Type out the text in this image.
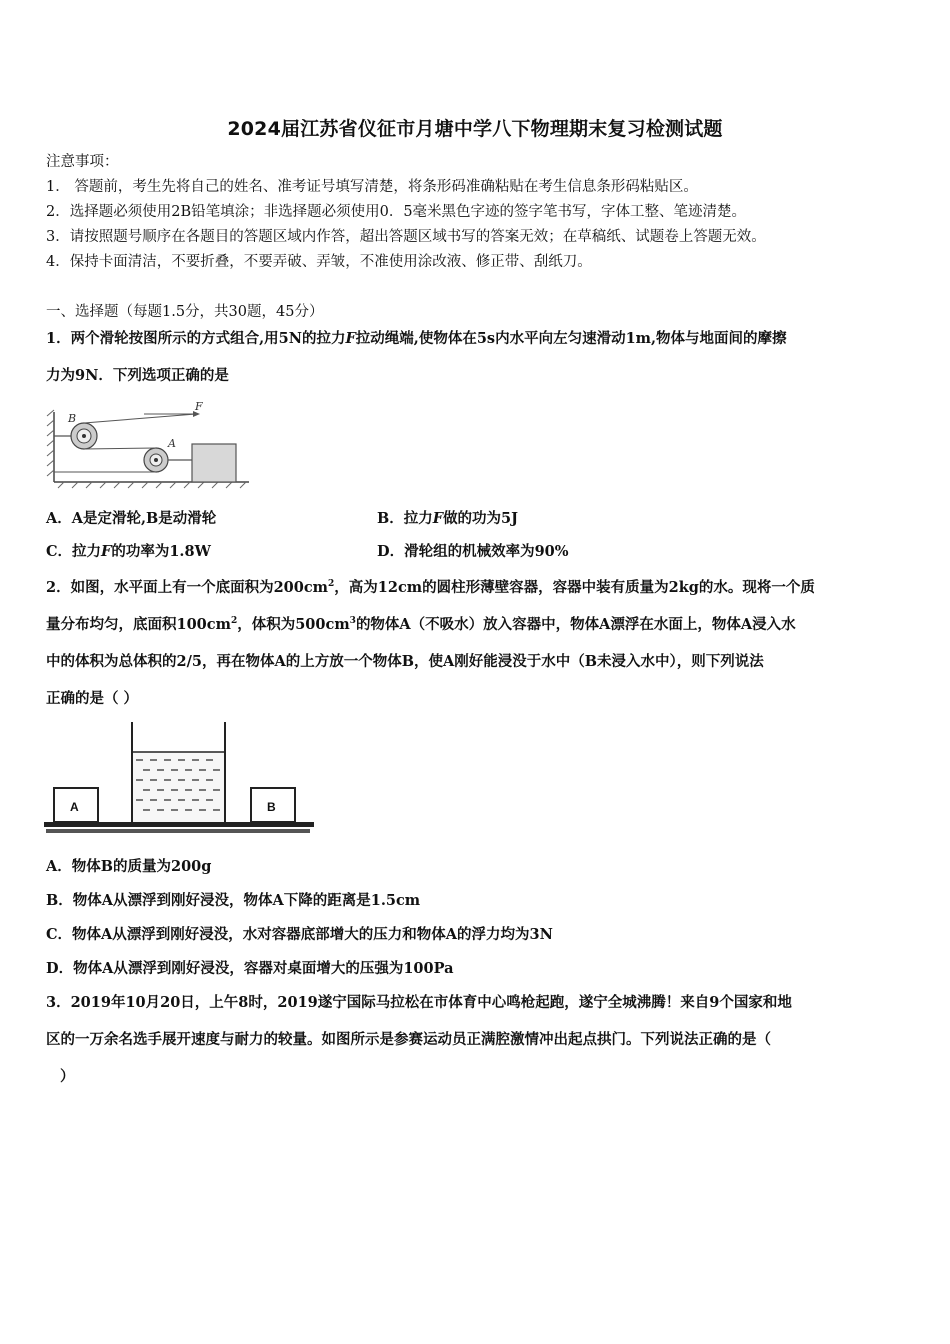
2024届江苏省仪征市月塘中学八下物理期末复习检测试题
注意事项：
1． 答题前，考生先将自己的姓名、准考证号填写清楚，将条形码准确粘贴在考生信息条形码粘贴区。
2．选择题必须使用2B铅笔填涂；非选择题必须使用0．5毫米黑色字迹的签字笔书写，字体工整、笔迹清楚。
3．请按照题号顺序在各题目的答题区域内作答，超出答题区域书写的答案无效；在草稿纸、试题卷上答题无效。
4．保持卡面清洁，不要折叠，不要弄破、弄皱，不准使用涂改液、修正带、刮纸刀。
一、选择题（每题1.5分，共30题，45分）
1．两个滑轮按图所示的方式组合,用5N的拉力F拉动绳端,使物体在5s内水平向左匀速滑动1m,物体与地面间的摩擦
力为9N．下列选项正确的是
B
A
F
A．A是定滑轮,B是动滑轮	B．拉力F做的功为5J
C．拉力F的功率为1.8W	D．滑轮组的机械效率为90%
2．如图，水平面上有一个底面积为$200cm^2$，高为12cm的圆柱形薄壁容器，容器中装有质量为2kg的水。现将一个质
量分布均匀，底面积$100cm^2$，体积为$500cm^3$的物体A（不吸水）放入容器中，物体A漂浮在水面上，物体A浸入水
中的体积为总体积的2/5，再在物体A的上方放一个物体B，使A刚好能浸没于水中（B未浸入水中），则下列说法
正确的是（ ）
A	B
A．物体B的质量为200g
B．物体A从漂浮到刚好浸没，物体A下降的距离是1.5cm
C．物体A从漂浮到刚好浸没，水对容器底部增大的压力和物体A的浮力均为3N
D．物体A从漂浮到刚好浸没，容器对桌面增大的压强为100Pa
3．2019年10月20日，上午8时，2019遂宁国际马拉松在市体育中心鸣枪起跑，遂宁全城沸腾！来自9个国家和地
区的一万余名选手展开速度与耐力的较量。如图所示是参赛运动员正满腔激情冲出起点拱门。下列说法正确的是（
）
